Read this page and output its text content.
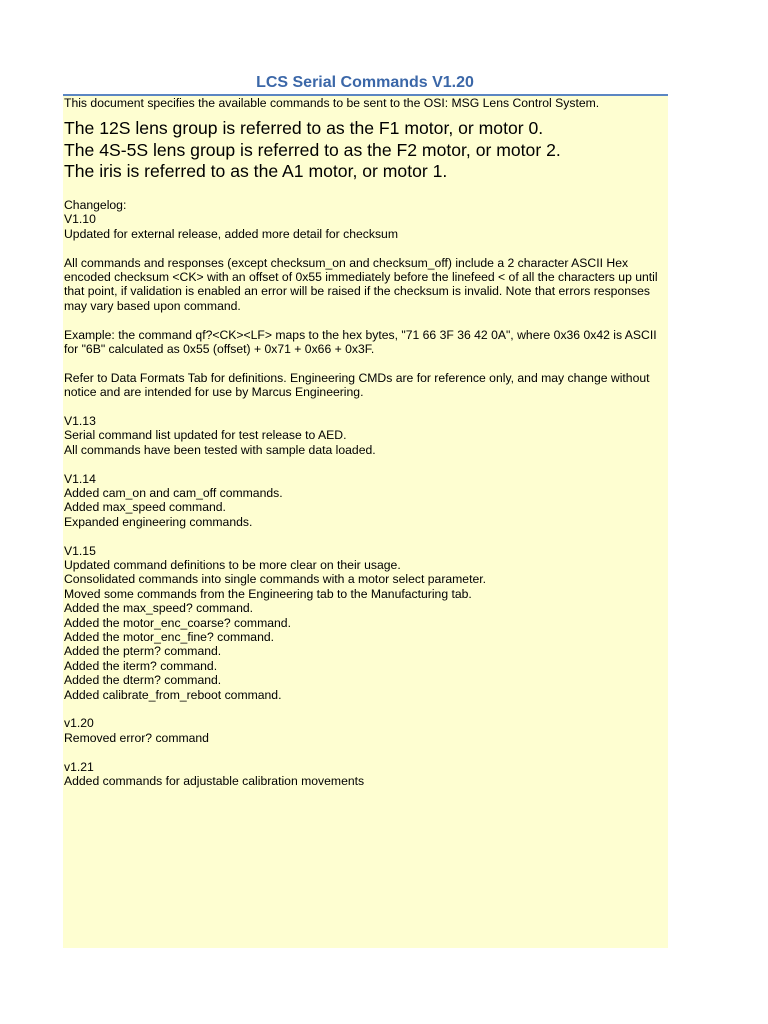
LCS Serial Commands V1.20

This document specifies the available commands to be sent to the OSI: MSG Lens Control System.

The 12S lens group is referred to as the F1 motor, or motor 0.

The 4S-5S lens group is referred to as the F2 motor, or motor 2.

The iris is referred to as the A1 motor, or motor 1.

Changelog:

V1.10

Updated for external release, added more detail for checksum

All commands and responses (except checksum_on and checksum_off) include a 2 character ASCII Hex encoded checksum <CK> with an offset of 0x55 immediately before the linefeed < of all the characters up until that point, if validation is enabled an error will be raised if the checksum is invalid. Note that errors responses may vary based upon command.

Example: the command qf?<CK><LF> maps to the hex bytes, "71 66 3F 36 42 0A", where 0x36 0x42 is ASCII for "6B" calculated as 0x55 (offset) + 0x71 + 0x66 + 0x3F.

Refer to Data Formats Tab for definitions. Engineering CMDs are for reference only, and may change without notice and are intended for use by Marcus Engineering.

V1.13

Serial command list updated for test release to AED.

All commands have been tested with sample data loaded.

V1.14

Added cam_on and cam_off commands.

Added max_speed command.

Expanded engineering commands.

V1.15

Updated command definitions to be more clear on their usage.

Consolidated commands into single commands with a motor select parameter.

Moved some commands from the Engineering tab to the Manufacturing tab.

Added the max_speed? command.

Added the motor_enc_coarse? command.

Added the motor_enc_fine? command.

Added the pterm? command.

Added the iterm? command.

Added the dterm? command.

Added calibrate_from_reboot command.

v1.20

Removed error? command

v1.21

Added commands for adjustable calibration movements
